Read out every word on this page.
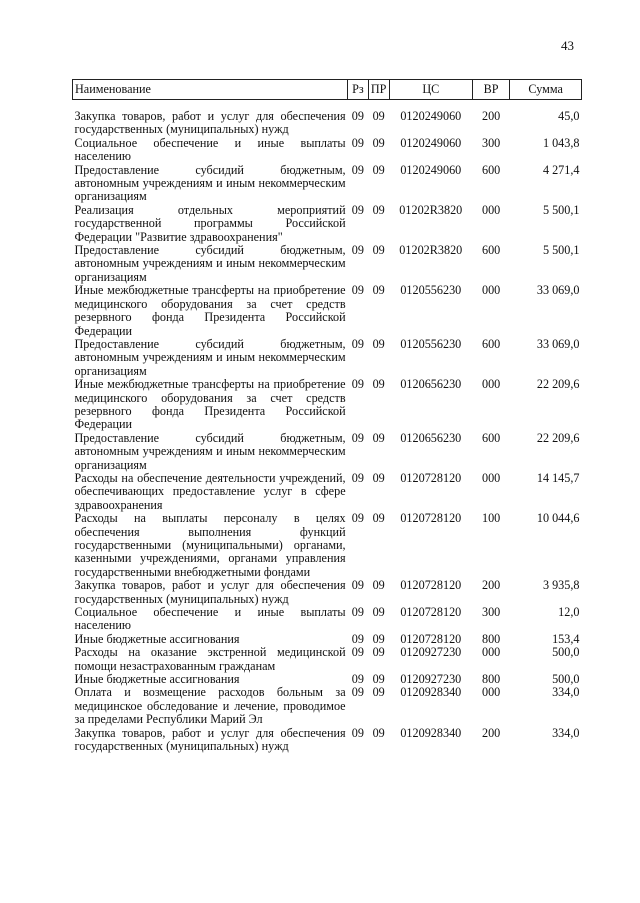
43
Наименование	Рз	ПР	ЦС	ВР	Сумма

Закупка товаров, работ и услуг для обеспечения государственных (муниципальных) нужд	09	09	0120249060	200	45,0
Социальное обеспечение и иные выплаты населению	09	09	0120249060	300	1 043,8
Предоставление субсидий бюджетным, автономным учреждениям и иным некоммерческим организациям	09	09	0120249060	600	4 271,4
Реализация отдельных мероприятий государственной программы Российской Федерации "Развитие здравоохранения"	09	09	01202R3820	000	5 500,1
Предоставление субсидий бюджетным, автономным учреждениям и иным некоммерческим организациям	09	09	01202R3820	600	5 500,1
Иные межбюджетные трансферты на приобретение медицинского оборудования за счет средств резервного фонда Президента Российской Федерации	09	09	0120556230	000	33 069,0
Предоставление субсидий бюджетным, автономным учреждениям и иным некоммерческим организациям	09	09	0120556230	600	33 069,0
Иные межбюджетные трансферты на приобретение медицинского оборудования за счет средств резервного фонда Президента Российской Федерации	09	09	0120656230	000	22 209,6
Предоставление субсидий бюджетным, автономным учреждениям и иным некоммерческим организациям	09	09	0120656230	600	22 209,6
Расходы на обеспечение деятельности учреждений, обеспечивающих предоставление услуг в сфере здравоохранения	09	09	0120728120	000	14 145,7
Расходы на выплаты персоналу в целях обеспечения выполнения функций государственными (муниципальными) органами, казенными учреждениями, органами управления государственными внебюджетными фондами	09	09	0120728120	100	10 044,6
Закупка товаров, работ и услуг для обеспечения государственных (муниципальных) нужд	09	09	0120728120	200	3 935,8
Социальное обеспечение и иные выплаты населению	09	09	0120728120	300	12,0
Иные бюджетные ассигнования	09	09	0120728120	800	153,4
Расходы на оказание экстренной медицинской помощи незастрахованным гражданам	09	09	0120927230	000	500,0
Иные бюджетные ассигнования	09	09	0120927230	800	500,0
Оплата и возмещение расходов больным за медицинское обследование и лечение, проводимое за пределами Республики Марий Эл	09	09	0120928340	000	334,0
Закупка товаров, работ и услуг для обеспечения государственных (муниципальных) нужд	09	09	0120928340	200	334,0
